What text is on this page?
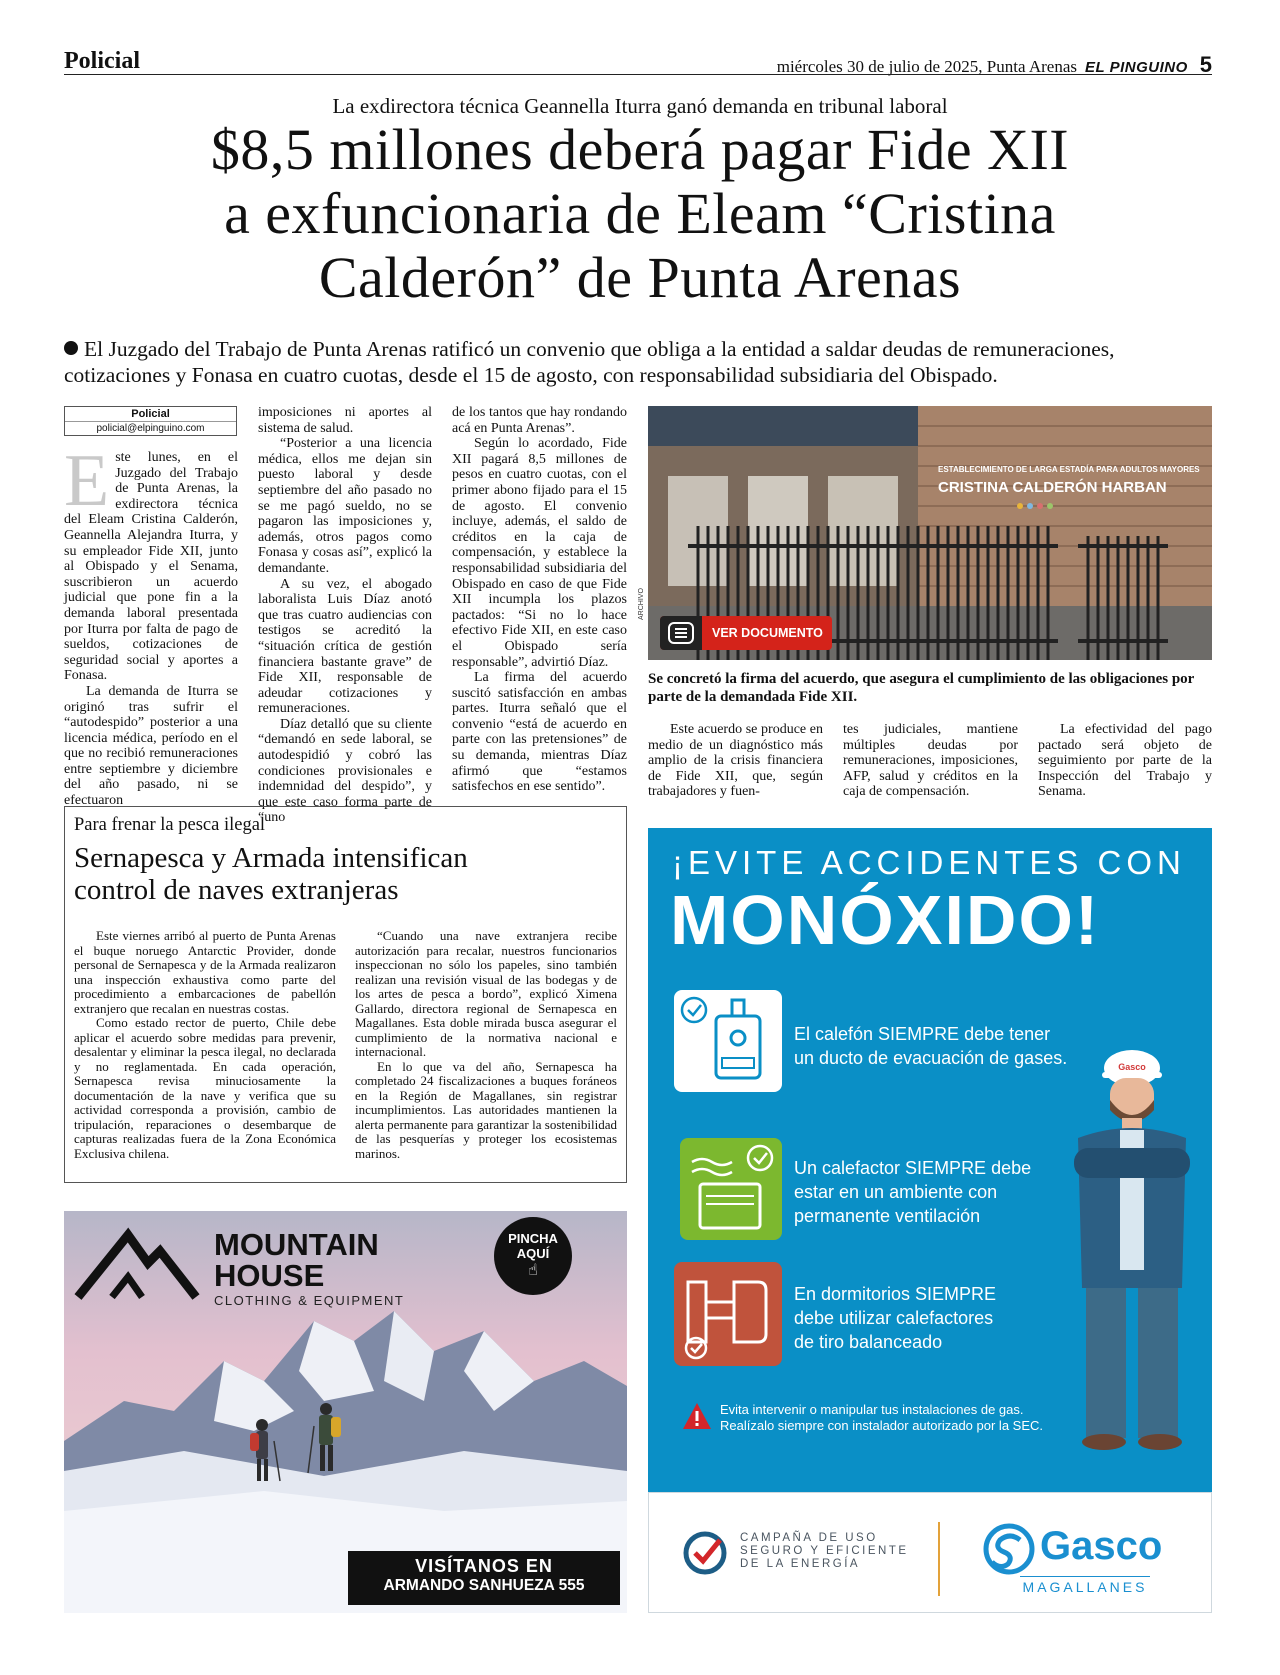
Policial	miércoles 30 de julio de 2025, Punta Arenas EL PINGUINO 5
La exdirectora técnica Geannella Iturra ganó demanda en tribunal laboral
$8,5 millones deberá pagar Fide XII
a exfuncionaria de Eleam “Cristina
Calderón” de Punta Arenas
El Juzgado del Trabajo de Punta Arenas ratificó un convenio que obliga a la entidad a saldar deudas de remuneraciones, cotizaciones y Fonasa en cuatro cuotas, desde el 15 de agosto, con responsabilidad subsidiaria del Obispado.
Policial
policial@elpinguino.com

Este lunes, en el Juzgado del Trabajo de Punta Arenas, la exdirectora técnica del Eleam Cristina Calderón, Geannella Alejandra Iturra, y su empleador Fide XII, junto al Obispado y el Senama, suscribieron un acuerdo judicial que pone fin a la demanda laboral presentada por Iturra por falta de pago de sueldos, cotizaciones de seguridad social y aportes a Fonasa.

La demanda de Iturra se originó tras sufrir el “autodespido” posterior a una licencia médica, período en el que no recibió remuneraciones entre septiembre y diciembre del año pasado, ni se efectuaron

imposiciones ni aportes al sistema de salud.

“Posterior a una licencia médica, ellos me dejan sin puesto laboral y desde septiembre del año pasado no se me pagó sueldo, no se pagaron las imposiciones y, además, otros pagos como Fonasa y cosas así”, explicó la demandante.

A su vez, el abogado laboralista Luis Díaz anotó que tras cuatro audiencias con testigos se acreditó la “situación crítica de gestión financiera bastante grave” de Fide XII, responsable de adeudar cotizaciones y remuneraciones.

Díaz detalló que su cliente “demandó en sede laboral, se autodespidió y cobró las condiciones provisionales e indemnidad del despido”, y que este caso forma parte de “uno

de los tantos que hay rondando acá en Punta Arenas”.

Según lo acordado, Fide XII pagará 8,5 millones de pesos en cuatro cuotas, con el primer abono fijado para el 15 de agosto. El convenio incluye, además, el saldo de créditos en la caja de compensación, y establece la responsabilidad subsidiaria del Obispado en caso de que Fide XII incumpla los plazos pactados: “Si no lo hace efectivo Fide XII, en este caso el Obispado sería responsable”, advirtió Díaz.

La firma del acuerdo suscitó satisfacción en ambas partes. Iturra señaló que el convenio “está de acuerdo en parte con las pretensiones” de su demanda, mientras Díaz afirmó que “estamos satisfechos en ese sentido”.

ESTABLECIMIENTO DE LARGA ESTADÍA PARA ADULTOS MAYORES
CRISTINA CALDERÓN HARBAN
VER DOCUMENTO
ARCHIVO
Se concretó la firma del acuerdo, que asegura el cumplimiento de las obligaciones por parte de la demandada Fide XII.

Este acuerdo se produce en medio de un diagnóstico más amplio de la crisis financiera de Fide XII, que, según trabajadores y fuen-

tes judiciales, mantiene múltiples deudas por remuneraciones, imposiciones, AFP, salud y créditos en la caja de compensación.

La efectividad del pago pactado será objeto de seguimiento por parte de la Inspección del Trabajo y Senama.

Para frenar la pesca ilegal
Sernapesca y Armada intensifican
control de naves extranjeras

Este viernes arribó al puerto de Punta Arenas el buque noruego Antarctic Provider, donde personal de Sernapesca y de la Armada realizaron una inspección exhaustiva como parte del procedimiento a embarcaciones de pabellón extranjero que recalan en nuestras costas.

Como estado rector de puerto, Chile debe aplicar el acuerdo sobre medidas para prevenir, desalentar y eliminar la pesca ilegal, no declarada y no reglamentada. En cada operación, Sernapesca revisa minuciosamente la documentación de la nave y verifica que su actividad corresponda a provisión, cambio de tripulación, reparaciones o desembarque de capturas realizadas fuera de la Zona Económica Exclusiva chilena.

“Cuando una nave extranjera recibe autorización para recalar, nuestros funcionarios inspeccionan no sólo los papeles, sino también realizan una revisión visual de las bodegas y de los artes de pesca a bordo”, explicó Ximena Gallardo, directora regional de Sernapesca en Magallanes. Esta doble mirada busca asegurar el cumplimiento de la normativa nacional e internacional.

En lo que va del año, Sernapesca ha completado 24 fiscalizaciones a buques foráneos en la Región de Magallanes, sin registrar incumplimientos. Las autoridades mantienen la alerta permanente para garantizar la sostenibilidad de las pesquerías y proteger los ecosistemas marinos.

MOUNTAIN
HOUSE
CLOTHING & EQUIPMENT
PINCHA
AQUÍ
☝
VISÍTANOS EN
ARMANDO SANHUEZA 555
¡EVITE ACCIDENTES CON
MONÓXIDO!
El calefón SIEMPRE debe tener
un ducto de evacuación de gases.
Un calefactor SIEMPRE debe
estar en un ambiente con
permanente ventilación
En dormitorios SIEMPRE
debe utilizar calefactores
de tiro balanceado
Gasco
Evita intervenir o manipular tus instalaciones de gas.
Realízalo siempre con instalador autorizado por la SEC.
CAMPAÑA DE USO
SEGURO Y EFICIENTE
DE LA ENERGÍA	Gasco
MAGALLANES
